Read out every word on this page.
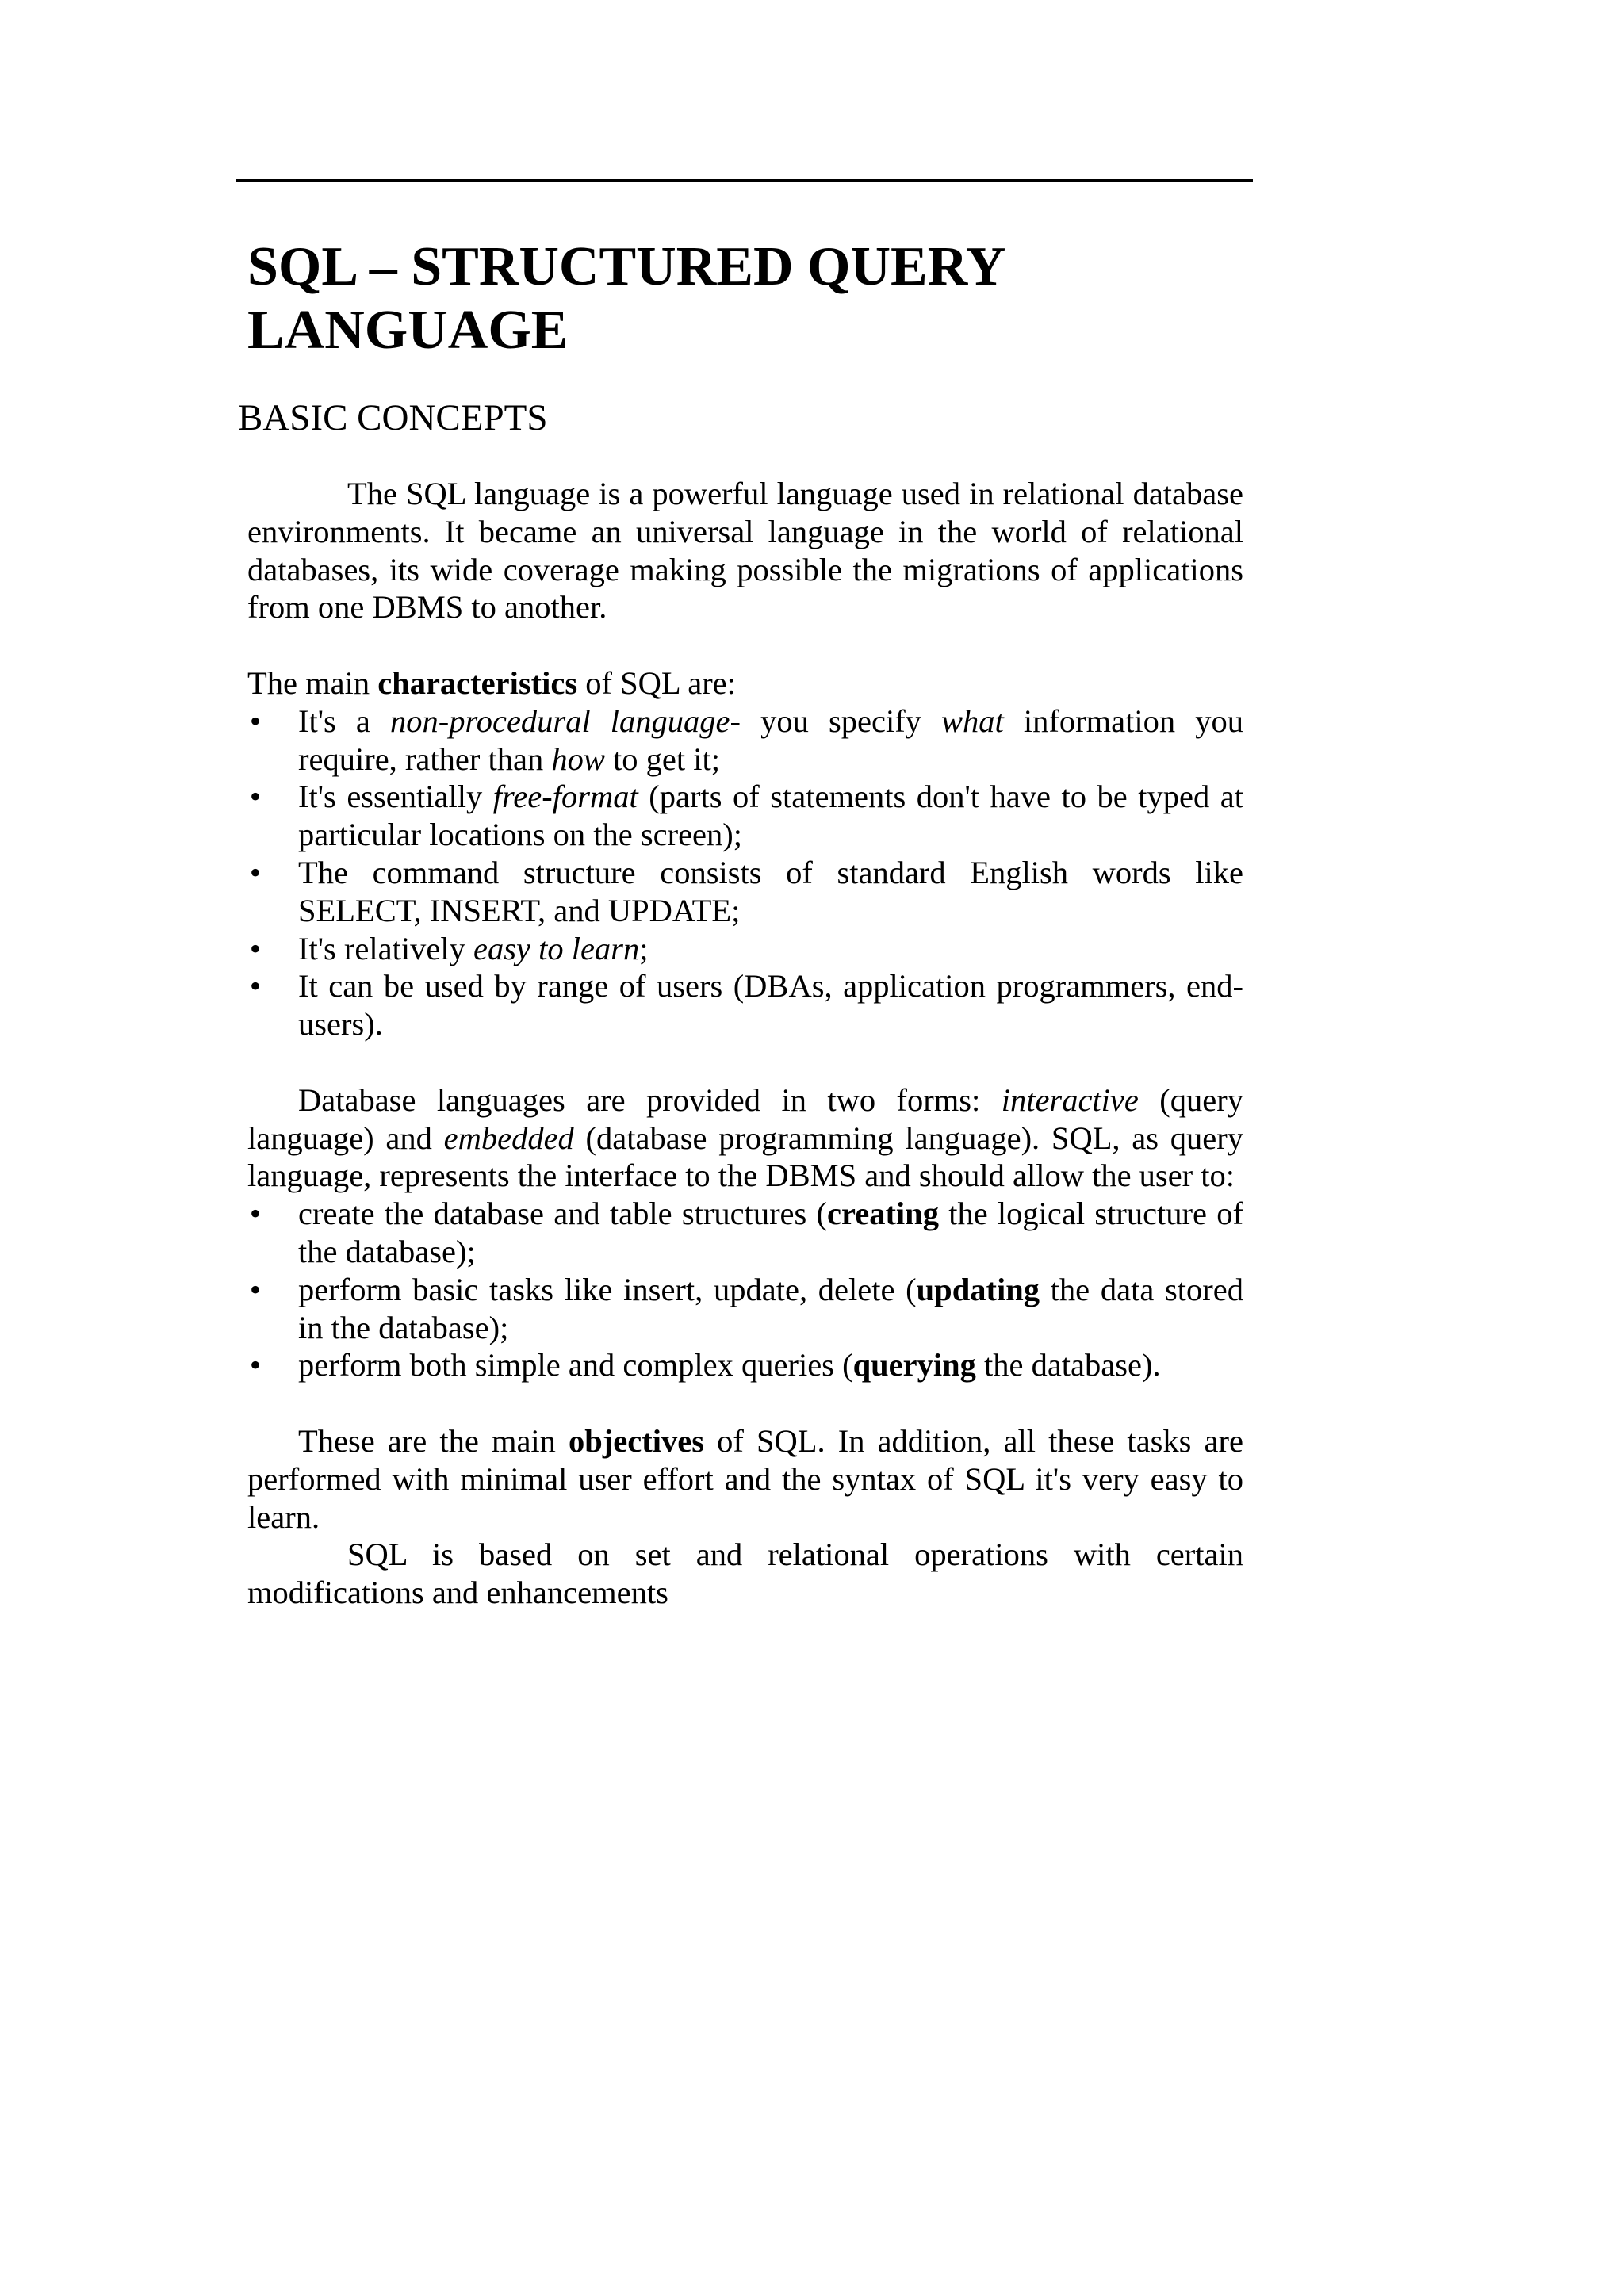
SQL – STRUCTURED QUERY
LANGUAGE
BASIC CONCEPTS

The SQL language is a powerful language used in relational database environments. It became an universal language in the world of relational databases, its wide coverage making possible the migrations of applications from one DBMS to another.

The main characteristics of SQL are:

• It's a non-procedural language- you specify what information you require, rather than how to get it;
• It's essentially free-format (parts of statements don't have to be typed at particular locations on the screen);
• The command structure consists of standard English words like SELECT, INSERT, and UPDATE;
• It's relatively easy to learn;
• It can be used by range of users (DBAs, application programmers, end-users).

Database languages are provided in two forms: interactive (query language) and embedded (database programming language). SQL, as query language, represents the interface to the DBMS and should allow the user to:

• create the database and table structures (creating the logical structure of the database);
• perform basic tasks like insert, update, delete (updating the data stored in the database);
• perform both simple and complex queries (querying the database).

These are the main objectives of SQL. In addition, all these tasks are performed with minimal user effort and the syntax of SQL it's very easy to learn.

SQL is based on set and relational operations with certain modifications and enhancements
